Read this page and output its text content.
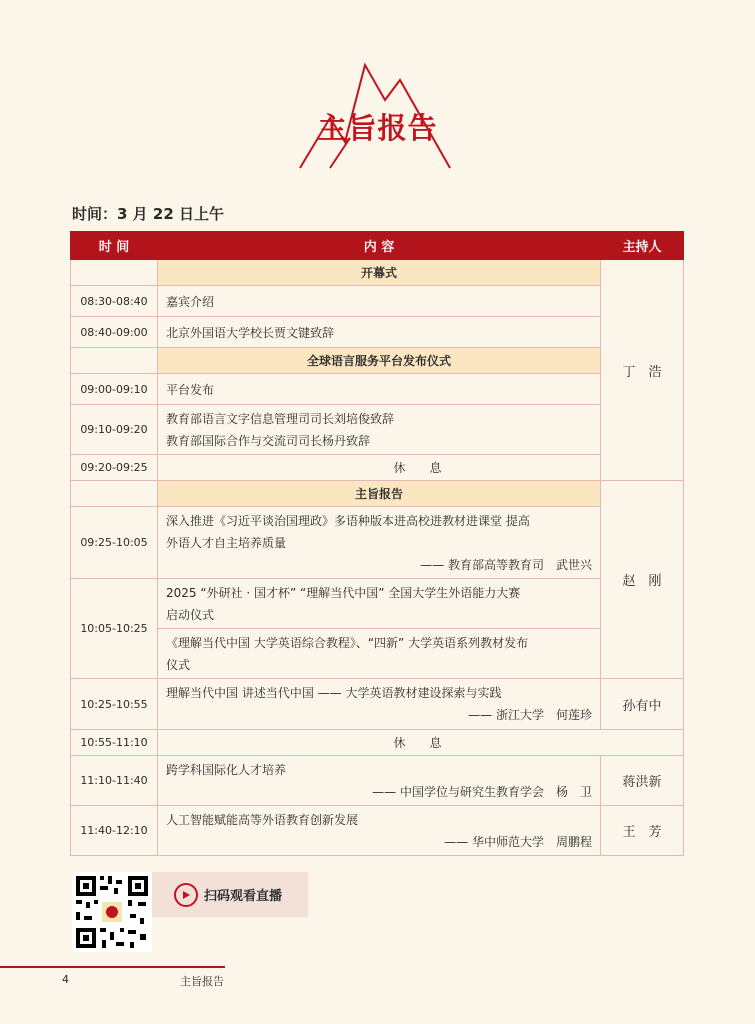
主旨报告
时间：3 月 22 日上午
时 间	内 容	主持人
	开幕式	丁　浩
08:30-08:40	嘉宾介绍	
08:40-09:00	北京外国语大学校长贾文键致辞	
	全球语言服务平台发布仪式	
09:00-09:10	平台发布	
09:10-09:20	教育部语言文字信息管理司司长刘培俊致辞
教育部国际合作与交流司司长杨丹致辞	

09:20-09:25	休　息	
	主旨报告	赵　刚
09:25-10:05	深入推进《习近平谈治国理政》多语种版本进高校进教材进课堂 提高
外语人才自主培养质量
—— 教育部高等教育司　武世兴	

10:05-10:25	2025 “外研社 · 国才杯” “理解当代中国” 全国大学生外语能力大赛
启动仪式	

	《理解当代中国 大学英语综合教程》、“四新” 大学英语系列教材发布
仪式	

10:25-10:55	理解当代中国 讲述当代中国 —— 大学英语教材建设探索与实践
—— 浙江大学　何莲珍	孙有中
10:55-11:10	休　息	
11:10-11:40	跨学科国际化人才培养
—— 中国学位与研究生教育学会　杨　卫	蒋洪新
11:40-12:10	人工智能赋能高等外语教育创新发展
—— 华中师范大学　周鹏程	王　芳
扫码观看直播
4	主旨报告
